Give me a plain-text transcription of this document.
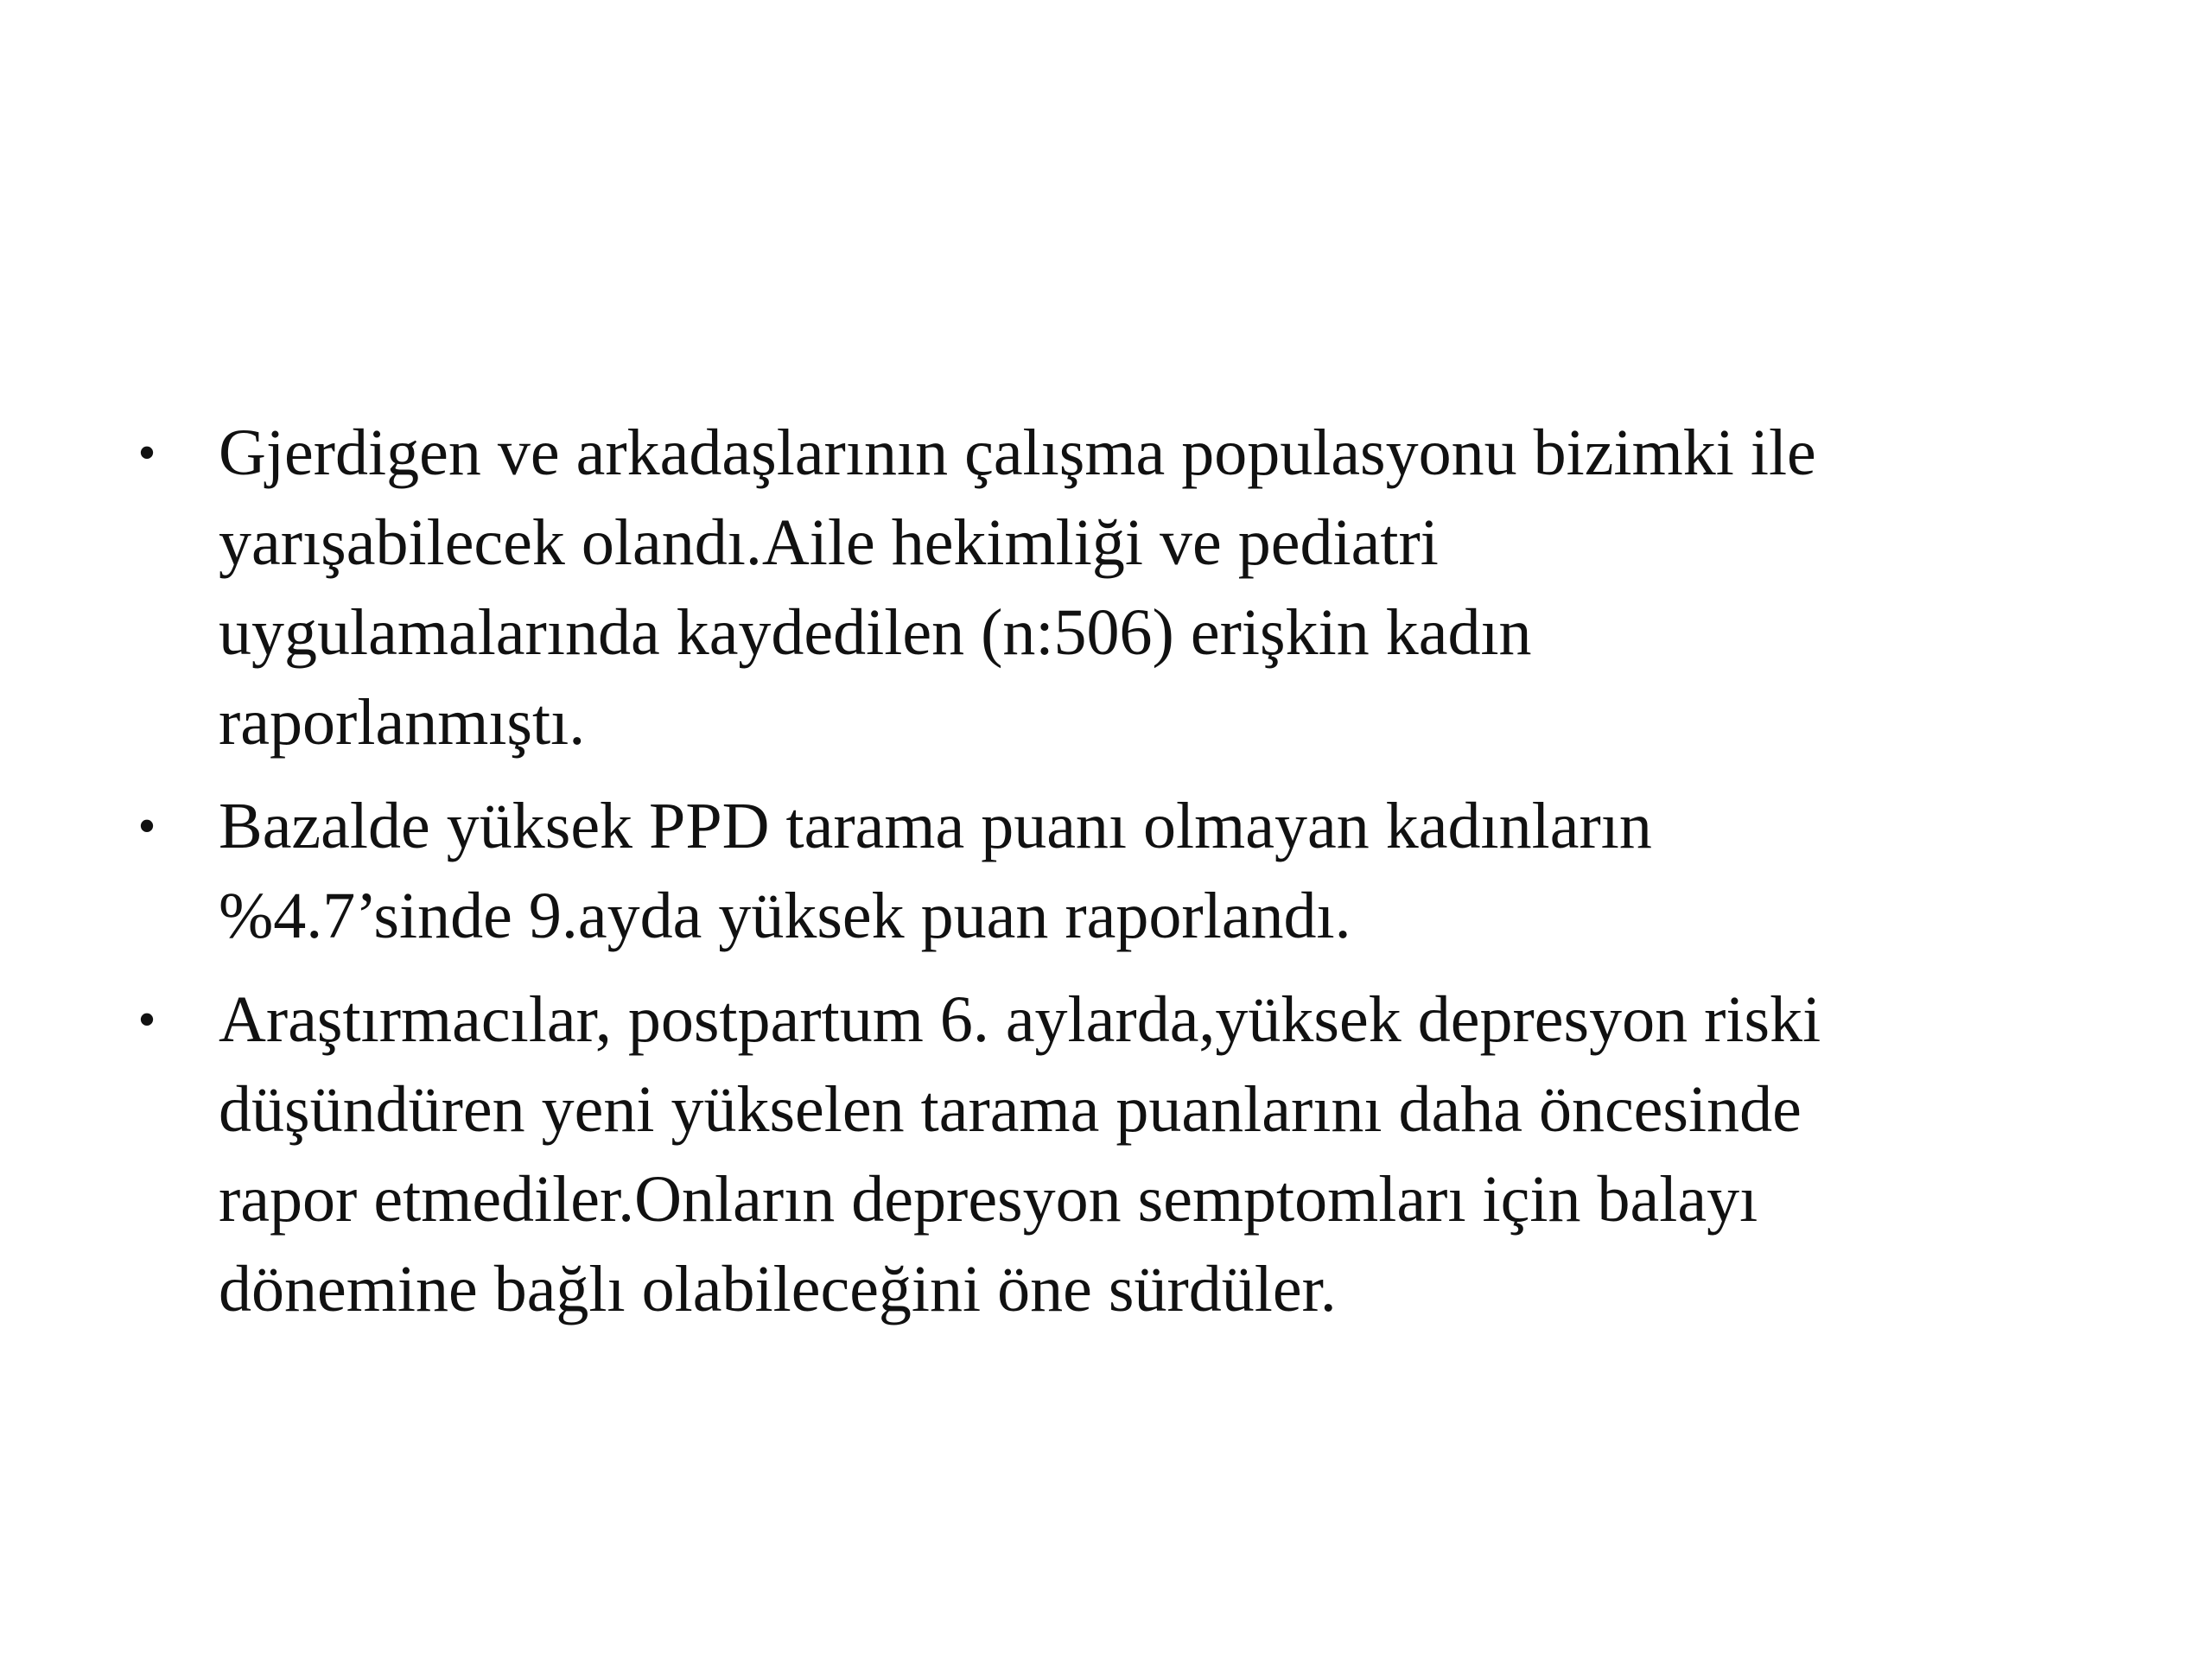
• Gjerdigen ve arkadaşlarının çalışma populasyonu bizimki ile
yarışabilecek olandı.Aile hekimliği ve pediatri
uygulamalarında kaydedilen (n:506) erişkin kadın
raporlanmıştı.
• Bazalde yüksek PPD tarama puanı olmayan kadınların
%4.7’sinde 9.ayda yüksek puan raporlandı.
• Araştırmacılar, postpartum 6. aylarda,yüksek depresyon riski
düşündüren yeni yükselen tarama puanlarını daha öncesinde
rapor etmediler.Onların depresyon semptomları için balayı
dönemine bağlı olabileceğini öne sürdüler.
